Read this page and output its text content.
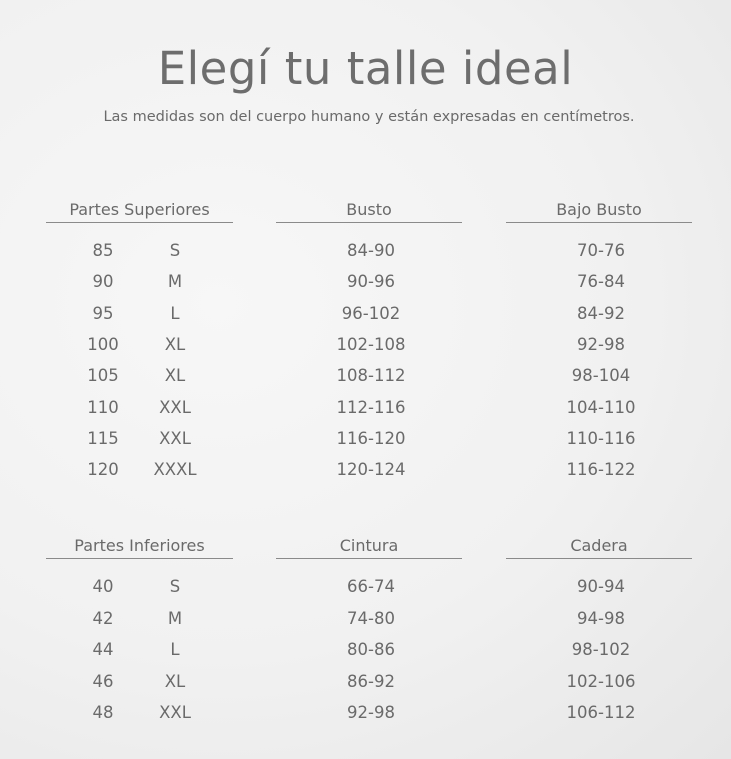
Elegí tu talle ideal

Las medidas son del cuerpo humano y están expresadas en centímetros.

Partes Superiores	Busto	Bajo Busto
85	S	84-90	70-76
90	M	90-96	76-84
95	L	96-102	84-92
100	XL	102-108	92-98
105	XL	108-112	98-104
110	XXL	112-116	104-110
115	XXL	116-120	110-116
120	XXXL	120-124	116-122
Partes Inferiores	Cintura	Cadera
40	S	66-74	90-94
42	M	74-80	94-98
44	L	80-86	98-102
46	XL	86-92	102-106
48	XXL	92-98	106-112
